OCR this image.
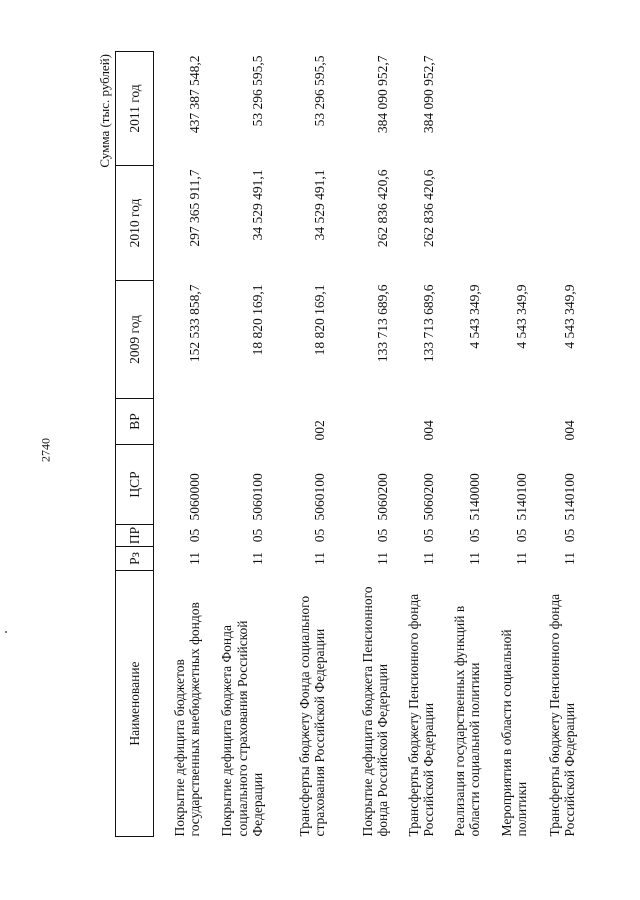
2740
Сумма (тыс. рублей)
Наименование	Рз	ПР	ЦСР	ВР	2009 год	2010 год	2011 год
Покрытие дефицита бюджетов государственных внебюджетных фондов	11	05	5060000		152 533 858,7	297 365 911,7	437 387 548,2
Покрытие дефицита бюджета Фонда социального страхования Российской Федерации	11	05	5060100		18 820 169,1	34 529 491,1	53 296 595,5
Трансферты бюджету Фонда социального страхования Российской Федерации	11	05	5060100	002	18 820 169,1	34 529 491,1	53 296 595,5
Покрытие дефицита бюджета Пенсионного фонда Российской Федерации	11	05	5060200		133 713 689,6	262 836 420,6	384 090 952,7
Трансферты бюджету Пенсионного фонда Российской Федерации	11	05	5060200	004	133 713 689,6	262 836 420,6	384 090 952,7
Реализация государственных функций в области социальной политики	11	05	5140000		4 543 349,9		
Мероприятия в области социальной политики	11	05	5140100		4 543 349,9		
Трансферты бюджету Пенсионного фонда Российской Федерации	11	05	5140100	004	4 543 349,9		
